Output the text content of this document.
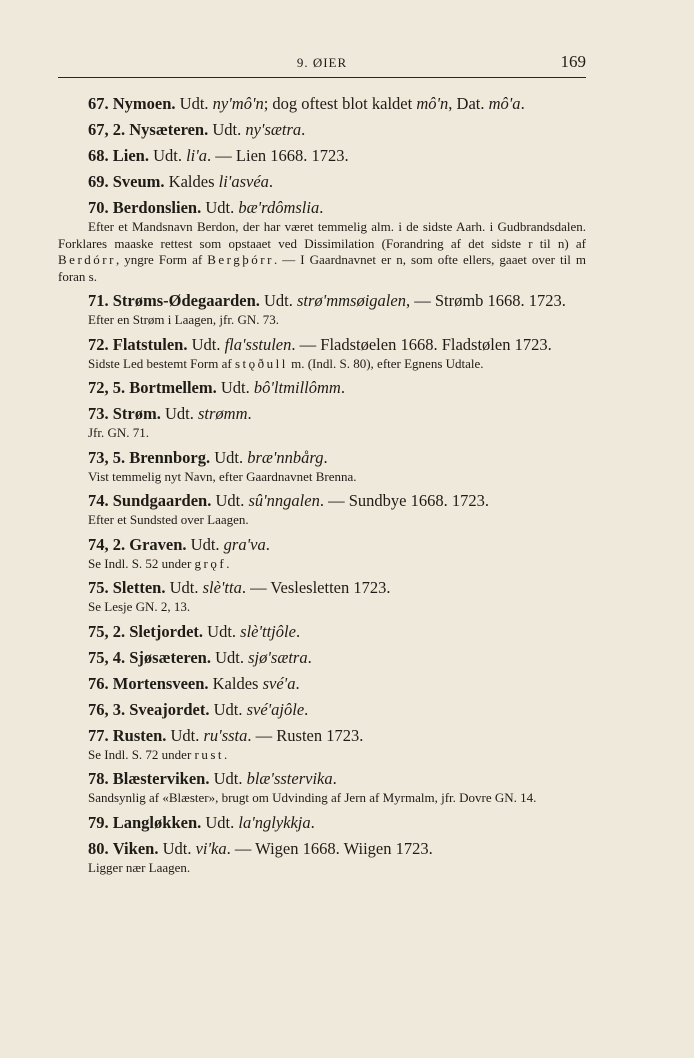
9. ØIER	169

67. Nymoen. Udt. ny'mô'n; dog oftest blot kaldet mô'n, Dat. mô'a.

67, 2. Nysæteren. Udt. ny'sætra.

68. Lien. Udt. li'a. — Lien 1668. 1723.

69. Sveum. Kaldes li'asvéa.

70. Berdonslien. Udt. bæ'rdômslia.

Efter et Mandsnavn Berdon, der har været temmelig alm. i de sidste Aarh. i Gudbrandsdalen. Forklares maaske rettest som opstaaet ved Dissimilation (Forandring af det sidste r til n) af Berdórr, yngre Form af Bergþórr. — I Gaardnavnet er n, som ofte ellers, gaaet over til m foran s.

71. Strøms-Ødegaarden. Udt. strø'mmsøigalen, — Strømb 1668. 1723.

Efter en Strøm i Laagen, jfr. GN. 73.

72. Flatstulen. Udt. fla'sstulen. — Fladstøelen 1668. Fladstølen 1723.

Sidste Led bestemt Form af stǫðull m. (Indl. S. 80), efter Egnens Udtale.

72, 5. Bortmellem. Udt. bô'ltmillômm.

73. Strøm. Udt. strømm.

Jfr. GN. 71.

73, 5. Brennborg. Udt. bræ'nnbårg.

Vist temmelig nyt Navn, efter Gaardnavnet Brenna.

74. Sundgaarden. Udt. sû'nngalen. — Sundbye 1668. 1723.

Efter et Sundsted over Laagen.

74, 2. Graven. Udt. gra'va.

Se Indl. S. 52 under grǫf.

75. Sletten. Udt. slè'tta. — Veslesletten 1723.

Se Lesje GN. 2, 13.

75, 2. Sletjordet. Udt. slè'ttjôle.

75, 4. Sjøsæteren. Udt. sjø'sætra.

76. Mortensveen. Kaldes své'a.

76, 3. Sveajordet. Udt. své'ajôle.

77. Rusten. Udt. ru'ssta. — Rusten 1723.

Se Indl. S. 72 under rust.

78. Blæsterviken. Udt. blæ'sstervika.

Sandsynlig af «Blæster», brugt om Udvinding af Jern af Myrmalm, jfr. Dovre GN. 14.

79. Langløkken. Udt. la'nglykkja.

80. Viken. Udt. vi'ka. — Wigen 1668. Wiigen 1723.

Ligger nær Laagen.
